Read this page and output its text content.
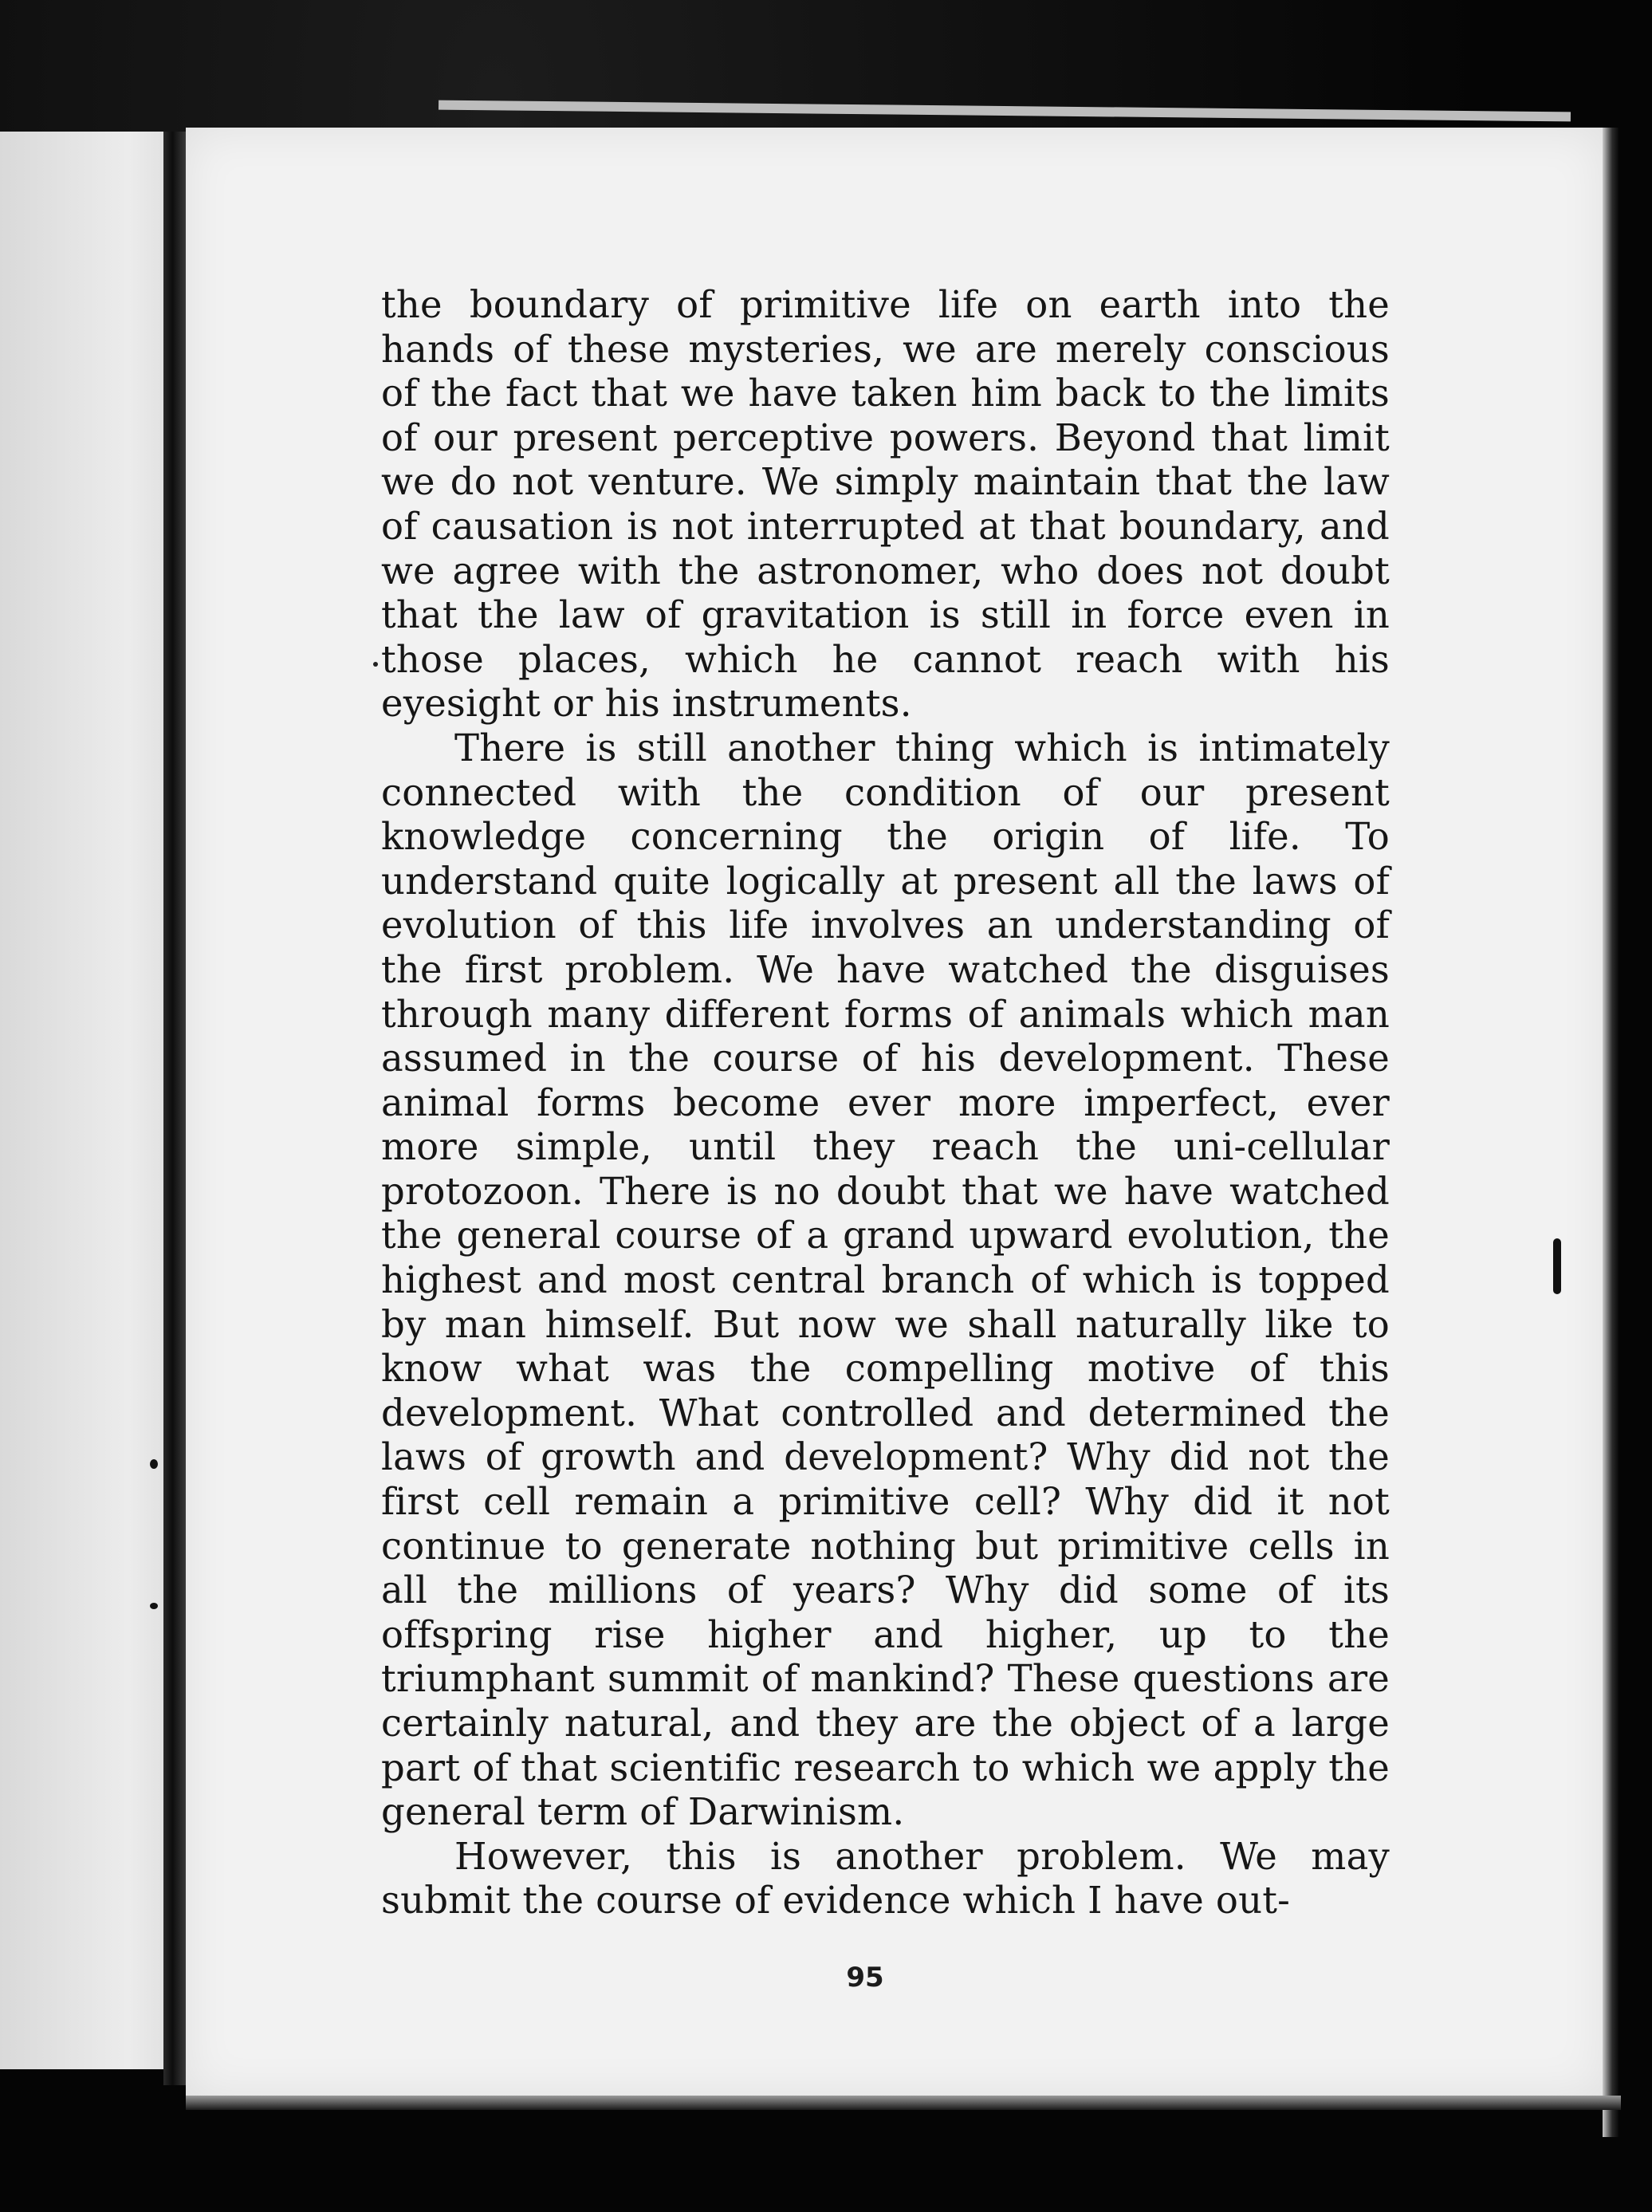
the boundary of primitive life on earth into the hands of these mysteries, we are merely conscious of the fact that we have taken him back to the limits of our present perceptive powers. Beyond that limit we do not venture. We simply maintain that the law of causation is not interrupted at that boundary, and we agree with the astronomer, who does not doubt that the law of gravitation is still in force even in those places, which he cannot reach with his eyesight or his instruments.

There is still another thing which is intimately connected with the condition of our present knowledge concerning the origin of life. To understand quite logically at present all the laws of evolution of this life involves an understanding of the first problem. We have watched the disguises through many different forms of animals which man assumed in the course of his development. These animal forms become ever more imperfect, ever more simple, until they reach the uni-cellular protozoon. There is no doubt that we have watched the general course of a grand upward evolution, the highest and most central branch of which is topped by man himself. But now we shall naturally like to know what was the compelling motive of this development. What controlled and determined the laws of growth and development? Why did not the first cell remain a primitive cell? Why did it not continue to generate nothing but primitive cells in all the millions of years? Why did some of its offspring rise higher and higher, up to the triumphant summit of mankind? These questions are certainly natural, and they are the object of a large part of that scientific research to which we apply the general term of Darwinism.

However, this is another problem. We may submit the course of evidence which I have out-

95
